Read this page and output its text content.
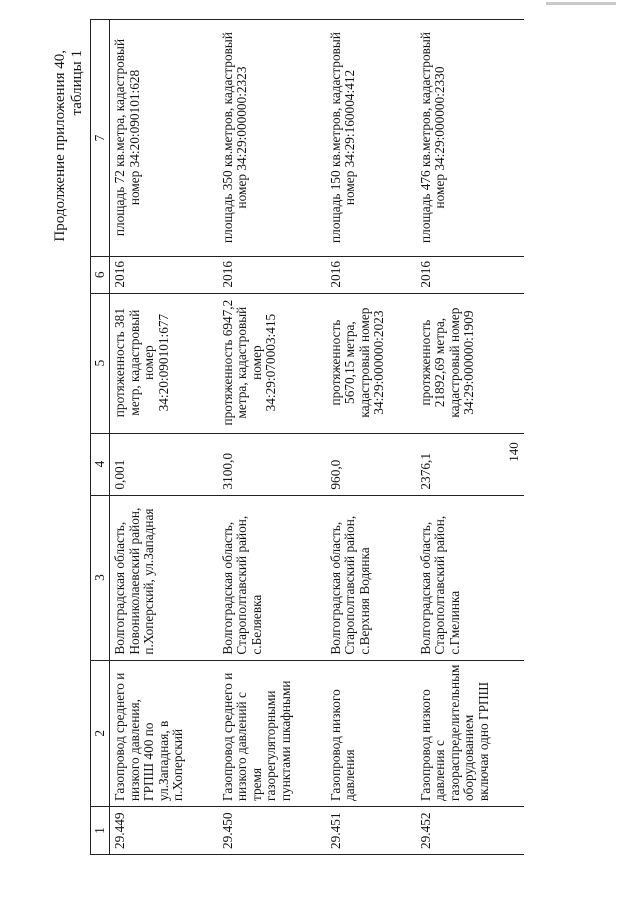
140
Продолжение приложения 40, таблицы 1
1	2	3	4	5	6	7
29.449	Газопровод среднего и низкого давления, ГРПШ 400 по ул.Западная, в п.Хоперский	Волгоградская область, Новониколаевский район, п.Хоперский, ул.Западная	0,001	протяженность 381 метр, кадастровый номер 34:20:090101:677	2016	площадь 72 кв.метра, кадастровый номер 34:20:090101:628
29.450	Газопровод среднего и низкого давлений с тремя газорегуляторными пунктами шкафными	Волгоградская область, Старополтавский район, с.Беляевка	3100,0	протяженность 6947,2 метра, кадастровый номер 34:29:070003:415	2016	площадь 350 кв.метров, кадастровый номер 34:29:000000:2323
29.451	Газопровод низкого давления	Волгоградская область, Старополтавский район, с.Верхняя Водянка	960,0	протяженность 5670,15 метра, кадастровый номер 34:29:000000:2023	2016	площадь 150 кв.метров, кадастровый номер 34:29:160004:412
29.452	Газопровод низкого давления с газораспределительным оборудованием включая одно ГРПШ	Волгоградская область, Старополтавский район, с.Гмелинка	2376,1	протяженность 21892,69 метра, кадастровый номер 34:29:000000:1909	2016	площадь 476 кв.метров, кадастровый номер 34:29:000000:2330
